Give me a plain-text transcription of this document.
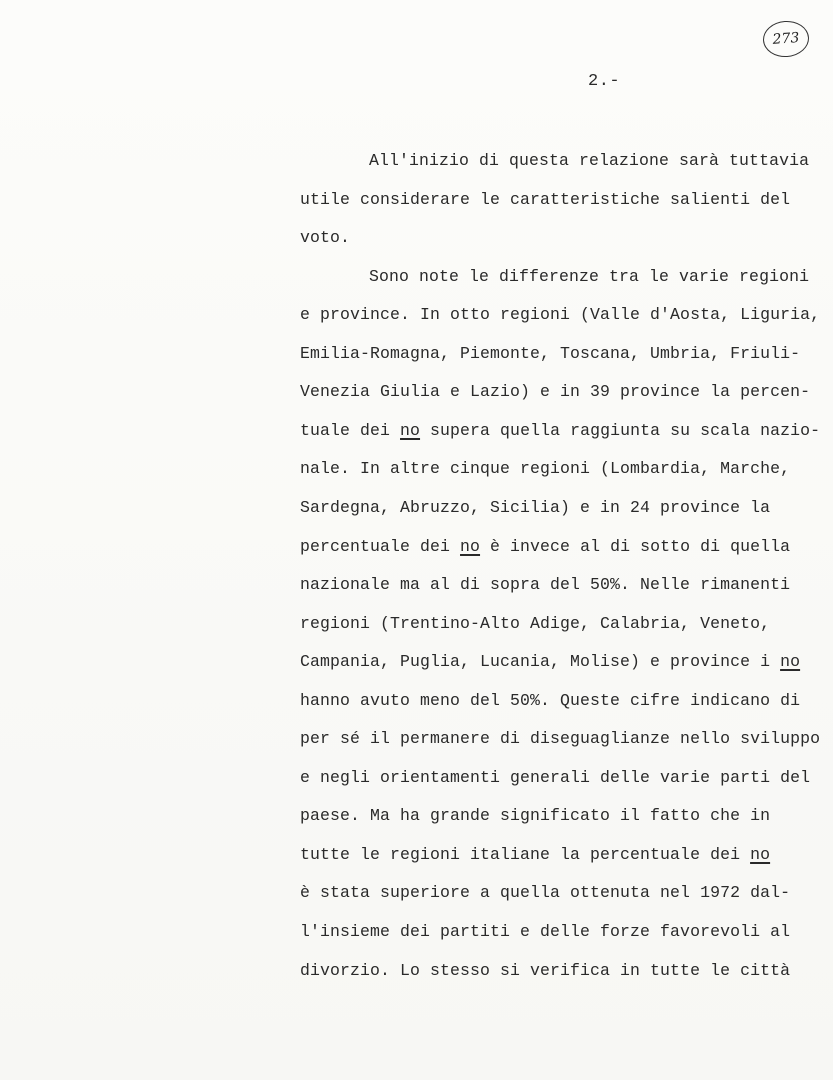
273
2.-
All'inizio di questa relazione sarà tuttavia
utile considerare le caratteristiche salienti del
voto.
Sono note le differenze tra le varie regioni
e province. In otto regioni (Valle d'Aosta, Liguria,
Emilia-Romagna, Piemonte, Toscana, Umbria, Friuli-
Venezia Giulia e Lazio) e in 39 province la percen-
tuale dei no supera quella raggiunta su scala nazio-
nale. In altre cinque regioni (Lombardia, Marche,
Sardegna, Abruzzo, Sicilia) e in 24 province la
percentuale dei no è invece al di sotto di quella
nazionale ma al di sopra del 50%. Nelle rimanenti
regioni (Trentino-Alto Adige, Calabria, Veneto,
Campania, Puglia, Lucania, Molise) e province i no
hanno avuto meno del 50%. Queste cifre indicano di
per sé il permanere di diseguaglianze nello sviluppo
e negli orientamenti generali delle varie parti del
paese. Ma ha grande significato il fatto che in
tutte le regioni italiane la percentuale dei no
è stata superiore a quella ottenuta nel 1972 dal-
l'insieme dei partiti e delle forze favorevoli al
divorzio. Lo stesso si verifica in tutte le città
